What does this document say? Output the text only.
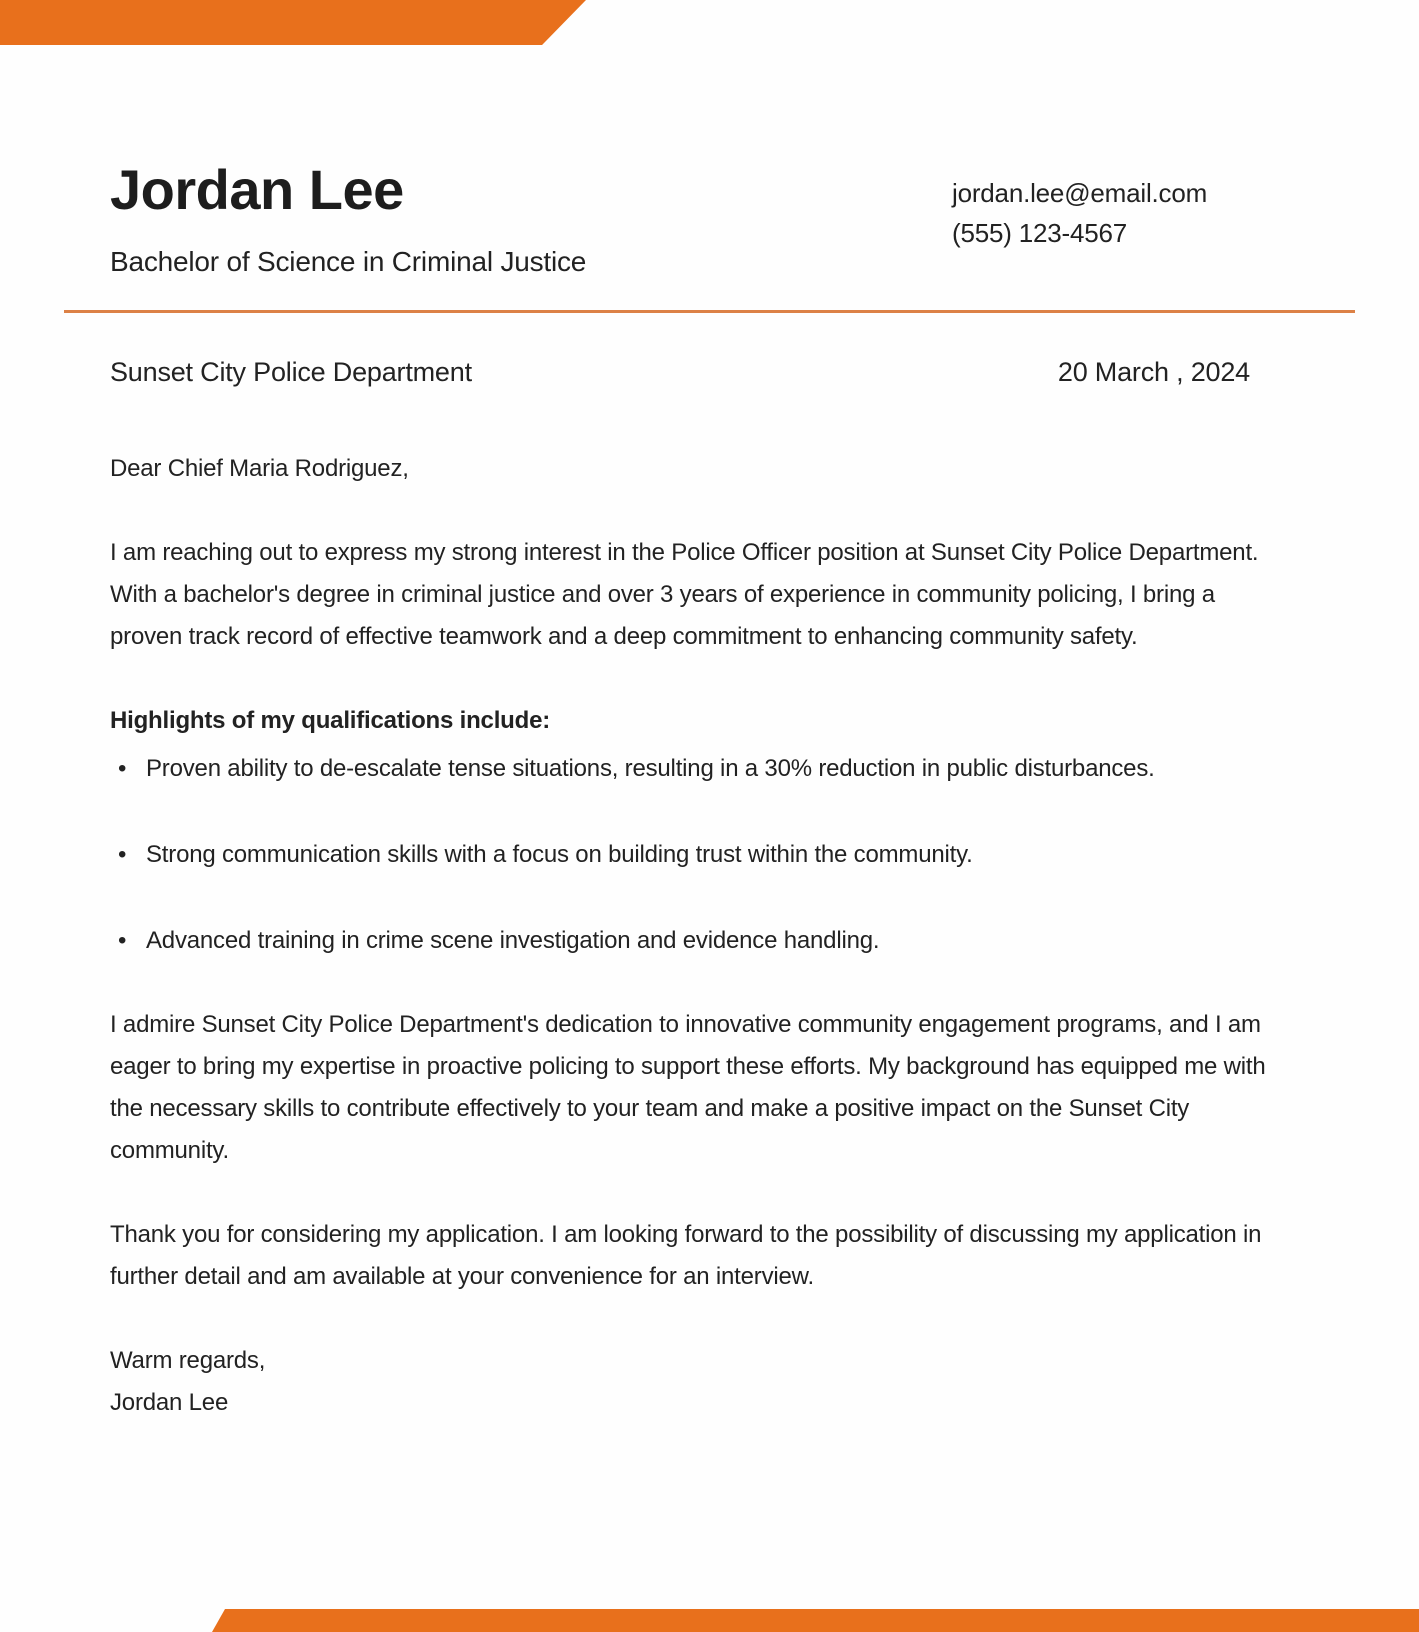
Jordan Lee
Bachelor of Science in Criminal Justice
jordan.lee@email.com
(555) 123-4567
Sunset City Police Department	20 March , 2024

Dear Chief Maria Rodriguez,

I am reaching out to express my strong interest in the Police Officer position at Sunset City Police Department. With a bachelor's degree in criminal justice and over 3 years of experience in community policing, I bring a proven track record of effective teamwork and a deep commitment to enhancing community safety.

Highlights of my qualifications include:

• Proven ability to de-escalate tense situations, resulting in a 30% reduction in public disturbances.
• Strong communication skills with a focus on building trust within the community.
• Advanced training in crime scene investigation and evidence handling.

I admire Sunset City Police Department's dedication to innovative community engagement programs, and I am eager to bring my expertise in proactive policing to support these efforts. My background has equipped me with the necessary skills to contribute effectively to your team and make a positive impact on the Sunset City community.

Thank you for considering my application. I am looking forward to the possibility of discussing my application in further detail and am available at your convenience for an interview.

Warm regards,

Jordan Lee
